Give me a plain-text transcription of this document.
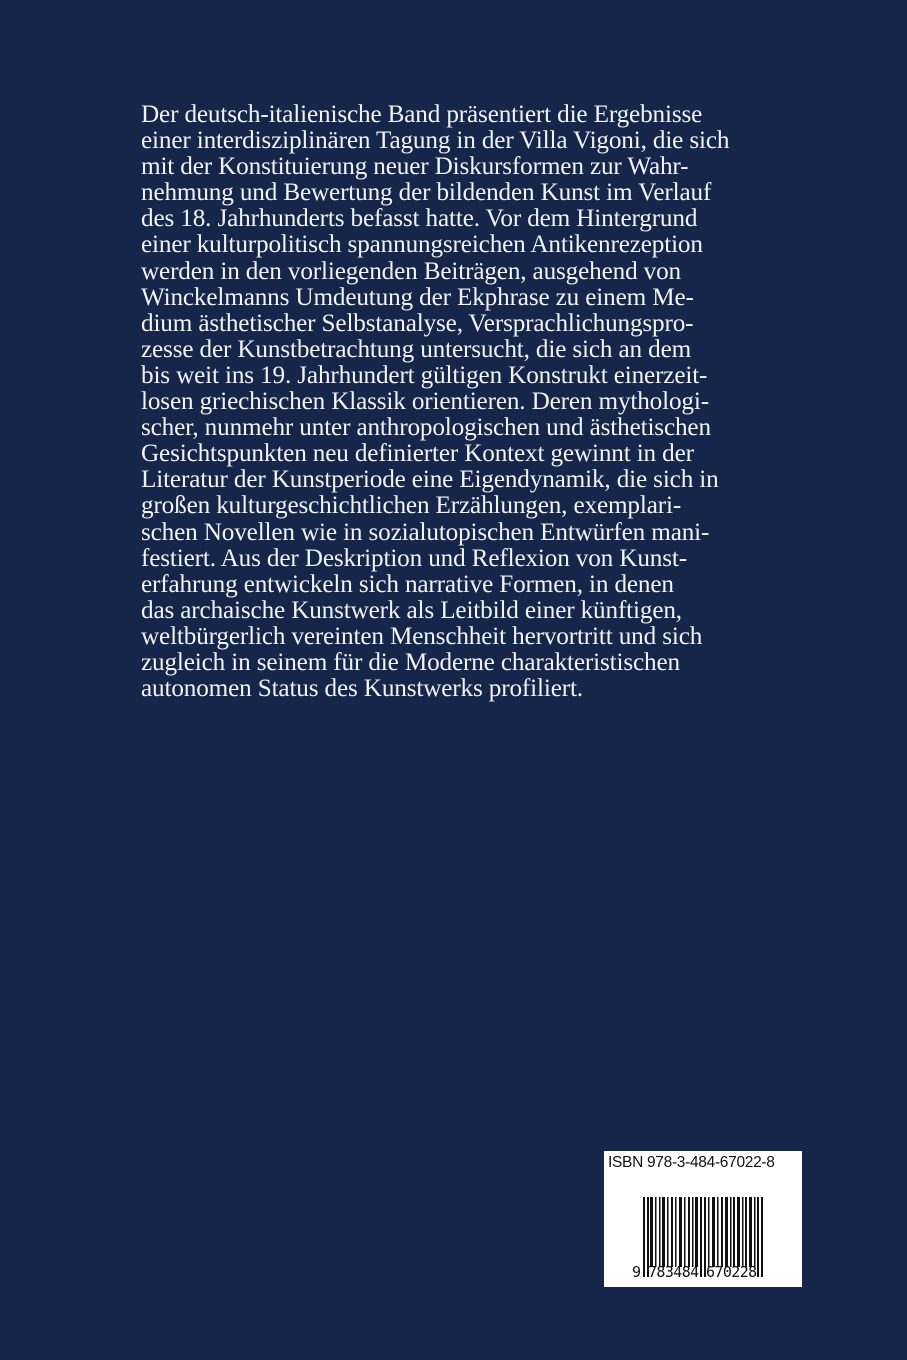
Der deutsch-italienische Band präsentiert die Ergebnisse
einer interdisziplinären Tagung in der Villa Vigoni, die sich
mit der Konstituierung neuer Diskursformen zur Wahr-
nehmung und Bewertung der bildenden Kunst im Verlauf
des 18. Jahrhunderts befasst hatte. Vor dem Hintergrund
einer kulturpolitisch spannungsreichen Antikenrezeption
werden in den vorliegenden Beiträgen, ausgehend von
Winckelmanns Umdeutung der Ekphrase zu einem Me-
dium ästhetischer Selbstanalyse, Versprachlichungspro-
zesse der Kunstbetrachtung untersucht, die sich an dem
bis weit ins 19. Jahrhundert gültigen Konstrukt einerzeit-
losen griechischen Klassik orientieren. Deren mythologi-
scher, nunmehr unter anthropologischen und ästhetischen
Gesichtspunkten neu definierter Kontext gewinnt in der
Literatur der Kunstperiode eine Eigendynamik, die sich in
großen kulturgeschichtlichen Erzählungen, exemplari-
schen Novellen wie in sozialutopischen Entwürfen mani-
festiert. Aus der Deskription und Reflexion von Kunst-
erfahrung entwickeln sich narrative Formen, in denen
das archaische Kunstwerk als Leitbild einer künftigen,
weltbürgerlich vereinten Menschheit hervortritt und sich
zugleich in seinem für die Moderne charakteristischen
autonomen Status des Kunstwerks profiliert.
ISBN 978-3-484-67022-8
9 783484 670228
